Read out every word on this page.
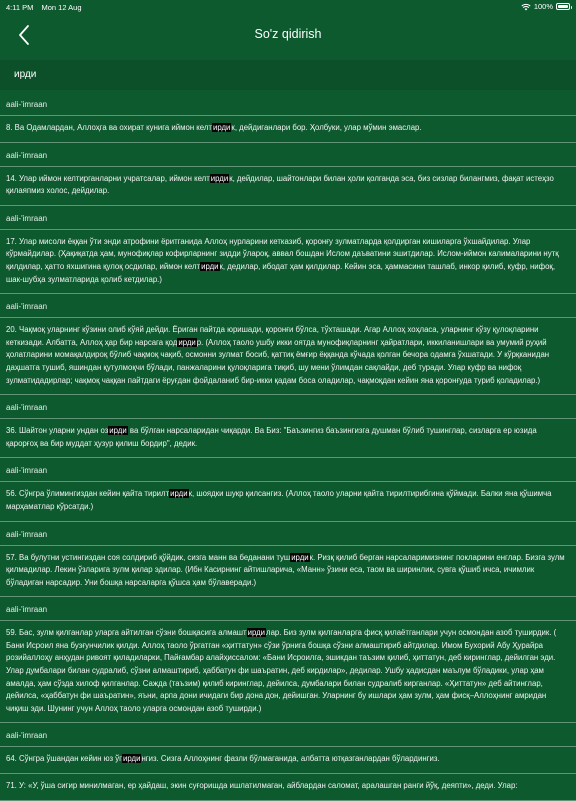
4:11 PM Mon 12 Aug	100%
So'z qidirish
ирди
aali-'imraan
8. Ва Одамлардан, Аллоҳга ва охират кунига иймон келтирдик, дейдиганлари бор. Ҳолбуки, улар мўмин эмаслар.
aali-'imraan
14. Улар иймон келтирганларни учратсалар, иймон келтирдик, дейдилар, шайтонлари билан ҳоли қолганда эса, биз сизлар билангмиз, фақат истеҳзо қилаяпмиз холос, дейдилар.
aali-'imraan
17. Улар мисоли ёққан ўти энди атрофини ёритганида Аллоҳ нурларини кетказиб, қоронғу зулматларда қолдирган кишиларга ўхшайдилар. Улар кўрмайдилар. (Ҳақиқатда ҳам, мунофиқлар кофирларнинг зидди ўлароқ, аввал бошдан Ислом даъватини эшитдилар. Ислом-иймон калималарини нутқ қилдилар, ҳатто яхшигина қулоқ осдилар, иймон келтирдик, дедилар, ибодат ҳам қилдилар. Кейин эса, ҳаммасини ташлаб, инкор қилиб, куфр, нифоқ, шак-шубҳа зулматларида қолиб кетдилар.)
aali-'imraan
20. Чақмоқ уларнинг кўзини олиб кўяй дейди. Ёриган пайтда юришади, қоронғи бўлса, тўхташади. Агар Аллоҳ хоҳласа, уларнинг кўзу қулоқларини кеткизади. Албатта, Аллоҳ ҳар бир нарсага қодирдир. (Аллоҳ таоло ушбу икки оятда мунофиқларнинг ҳайратлари, иккиланишлари ва умумий руҳий ҳолатларини момақалдироқ бўлиб чақмоқ чақиб, осмонни зулмат босиб, қаттиқ ёмғир ёққанда кўчада қолган бечора одамга ўхшатади. У кўрқканидан даҳшатга тушиб, яшиндан қутулмоқчи бўлади, панжаларини қулоқларига тиқиб, шу мени ўлимдан сақлайди, деб туради. Улар куфр ва нифоқ зулматидадирлар; чақмоқ чаққан пайтдаги ёруғдан фойдаланиб бир-икки қадам боса оладилар, чақмоқдан кейин яна қоронғуда туриб қоладилар.)
aali-'imraan
36. Шайтон уларни ундан озирди ва бўлган нарсаларидан чиқарди. Ва Биз: "Баъзингиз баъзингизга душман бўлиб тушинглар, сизларга ер юзида қарорғоҳ ва бир муддат ҳузур қилиш бордир", дедик.
aali-'imraan
56. Сўнгра ўлимингиздан кейин қайта тирилтирдик, шоядки шукр қилсангиз. (Аллоҳ таоло уларни қайта тирилтирибгина қўймади. Балки яна қўшимча марҳаматлар кўрсатди.)
aali-'imraan
57. Ва булутни устингиздан соя солдириб қўйдик, сизга манн ва беданани туширдик. Ризқ қилиб берган нарсаларимизнинг покларини енглар. Бизга зулм қилмадилар. Лекин ўзларига зулм қилар эдилар. (Ибн Касирнинг айтишларича, «Манн» ўзини еса, таом ва ширинлик, сувга қўшиб ичса, ичимлик бўладиган нарсадир. Уни бошқа нарсаларга қўшса ҳам бўлаверади.)
aali-'imraan
59. Бас, зулм қилганлар уларга айтилган сўзни бошқасига алмаштирдилар. Биз зулм қилганларга фисқ қилаётганлари учун осмондан азоб туширдик. ( Бани Исроил яна бузғунчилик қилди. Аллоҳ таоло ўргатган «ҳиттатун» сўзи ўрнига бошқа сўзни алмаштириб айтдилар. Имом Бухорий Абу Ҳурайра розийаллоҳу анҳудан ривоят қиладиларки, Пайғамбар алайҳиссалом: «Бани Исроилга, эшикдан таъзим қилиб, ҳиттатун, деб киринглар, дейилган эди. Улар думбалари билан судралиб, сўзни алмаштириб, ҳаббатун фи шаъратин, деб кирдилар», дедилар. Ушбу ҳадисдан маълум бўладики, улар ҳам амалда, ҳам сўзда хилоф қилганлар. Сажда (таъзим) қилиб киринглар, дейилса, думбалари билан судралиб кирганлар. «Ҳиттатун» деб айтинглар, дейилса, «ҳаббатун фи шаъратин», яъни, арпа дони ичидаги бир дона дон, дейишган. Уларнинг бу ишлари ҳам зулм, ҳам фисқ–Аллоҳнинг амридан чиқиш эди. Шунинг учун Аллоҳ таоло уларга осмондан азоб туширди.)
aali-'imraan
64. Сўнгра ўшандан кейин юз ўгирдингиз. Сизга Аллоҳнинг фазли бўлмаганида, албатта ютқазганлардан бўлардингиз.
71. У: «У, ўша сигир минилмаган, ер ҳайдаш, экин суғоришда ишлатилмаган, айблардан саломат, аралашган ранги йўқ, деяпти», деди. Улар:
